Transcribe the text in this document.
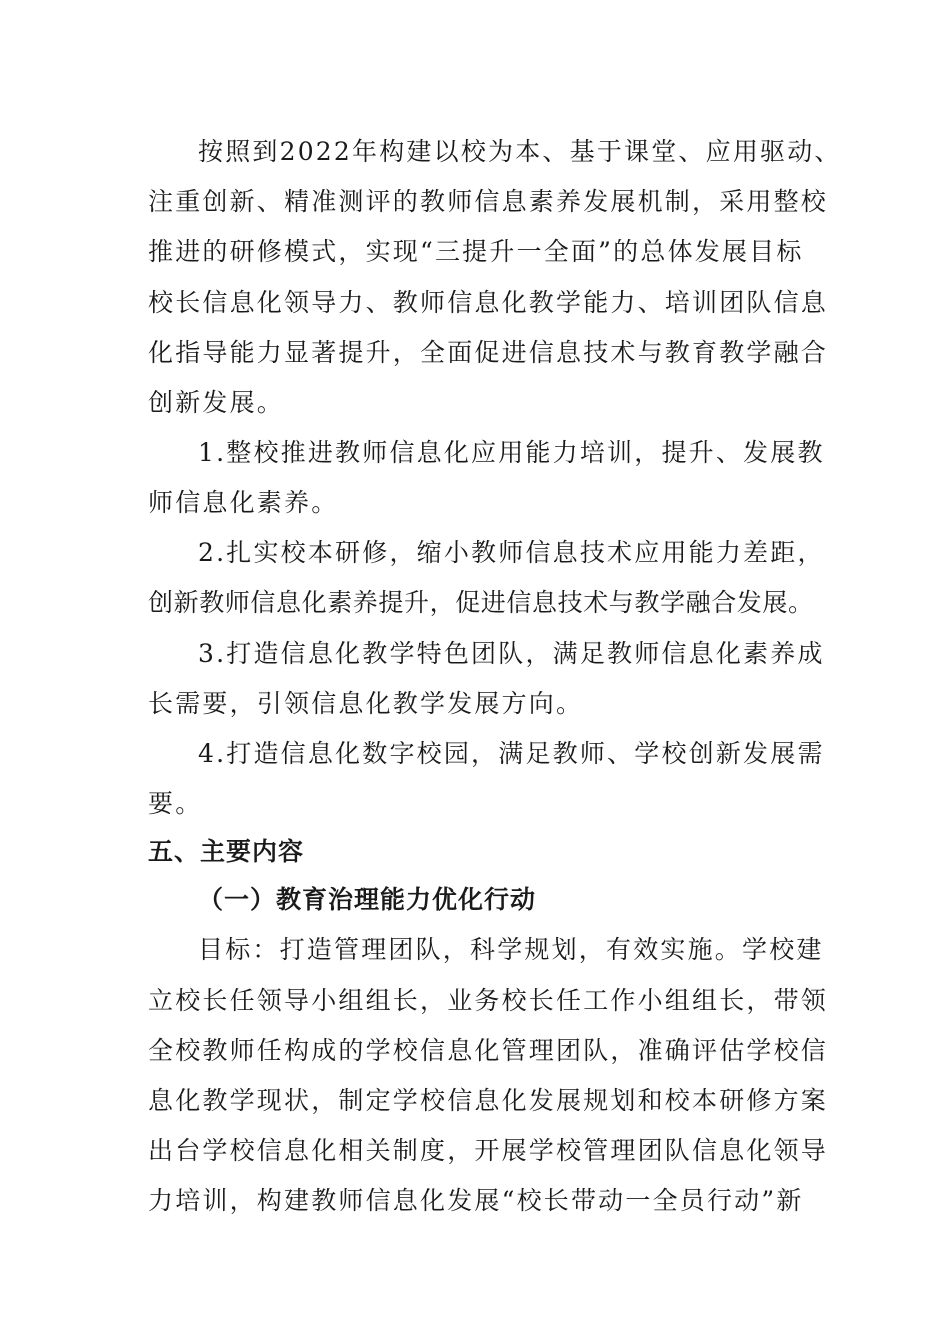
按照到2022年构建以校为本、基于课堂、应用驱动、
注重创新、精准测评的教师信息素养发展机制，采用整校
推进的研修模式，实现“三提升一全面”的总体发展目标
校长信息化领导力、教师信息化教学能力、培训团队信息
化指导能力显著提升，全面促进信息技术与教育教学融合
创新发展。
1.整校推进教师信息化应用能力培训，提升、发展教
师信息化素养。
2.扎实校本研修，缩小教师信息技术应用能力差距，
创新教师信息化素养提升，促进信息技术与教学融合发展。
3.打造信息化教学特色团队，满足教师信息化素养成
长需要，引领信息化教学发展方向。
4.打造信息化数字校园，满足教师、学校创新发展需
要。
五、主要内容
（一）教育治理能力优化行动
目标：打造管理团队，科学规划，有效实施。学校建
立校长任领导小组组长，业务校长任工作小组组长，带领
全校教师任构成的学校信息化管理团队，准确评估学校信
息化教学现状，制定学校信息化发展规划和校本研修方案
出台学校信息化相关制度，开展学校管理团队信息化领导
力培训，构建教师信息化发展“校长带动一全员行动”新
